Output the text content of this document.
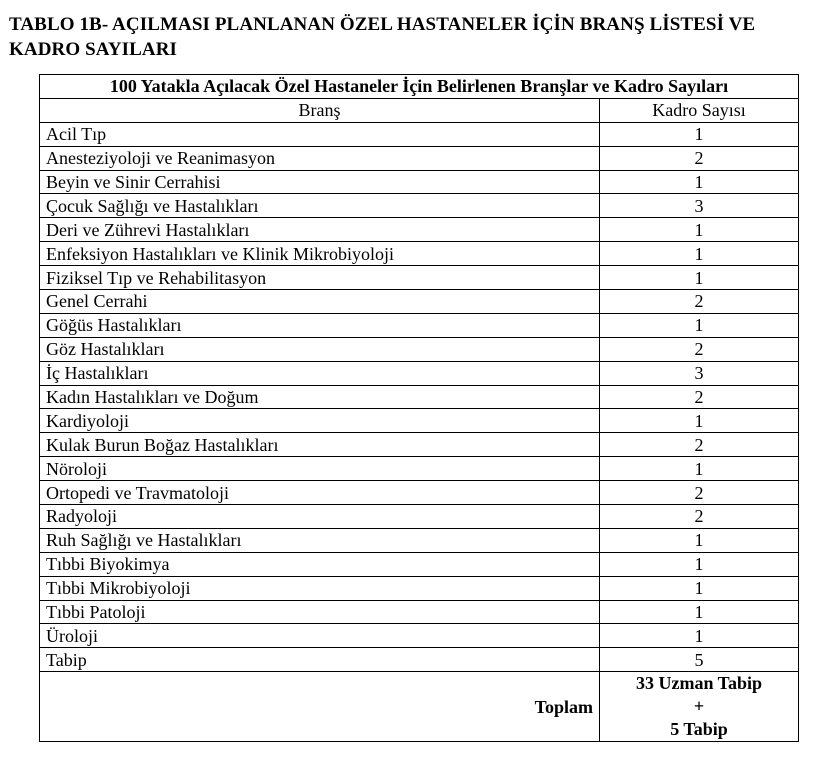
TABLO 1B- AÇILMASI PLANLANAN ÖZEL HASTANELER İÇİN BRANŞ LİSTESİ VE KADRO SAYILARI
100 Yatakla Açılacak Özel Hastaneler İçin Belirlenen Branşlar ve Kadro Sayıları	
Branş	Kadro Sayısı
Acil Tıp	1
Anesteziyoloji ve Reanimasyon	2
Beyin ve Sinir Cerrahisi	1
Çocuk Sağlığı ve Hastalıkları	3
Deri ve Zührevi Hastalıkları	1
Enfeksiyon Hastalıkları ve Klinik Mikrobiyoloji	1
Fiziksel Tıp ve Rehabilitasyon	1
Genel Cerrahi	2
Göğüs Hastalıkları	1
Göz Hastalıkları	2
İç Hastalıkları	3
Kadın Hastalıkları ve Doğum	2
Kardiyoloji	1
Kulak Burun Boğaz Hastalıkları	2
Nöroloji	1
Ortopedi ve Travmatoloji	2
Radyoloji	2
Ruh Sağlığı ve Hastalıkları	1
Tıbbi Biyokimya	1
Tıbbi Mikrobiyoloji	1
Tıbbi Patoloji	1
Üroloji	1
Tabip	5
Toplam	33 Uzman Tabip
+
5 Tabip
